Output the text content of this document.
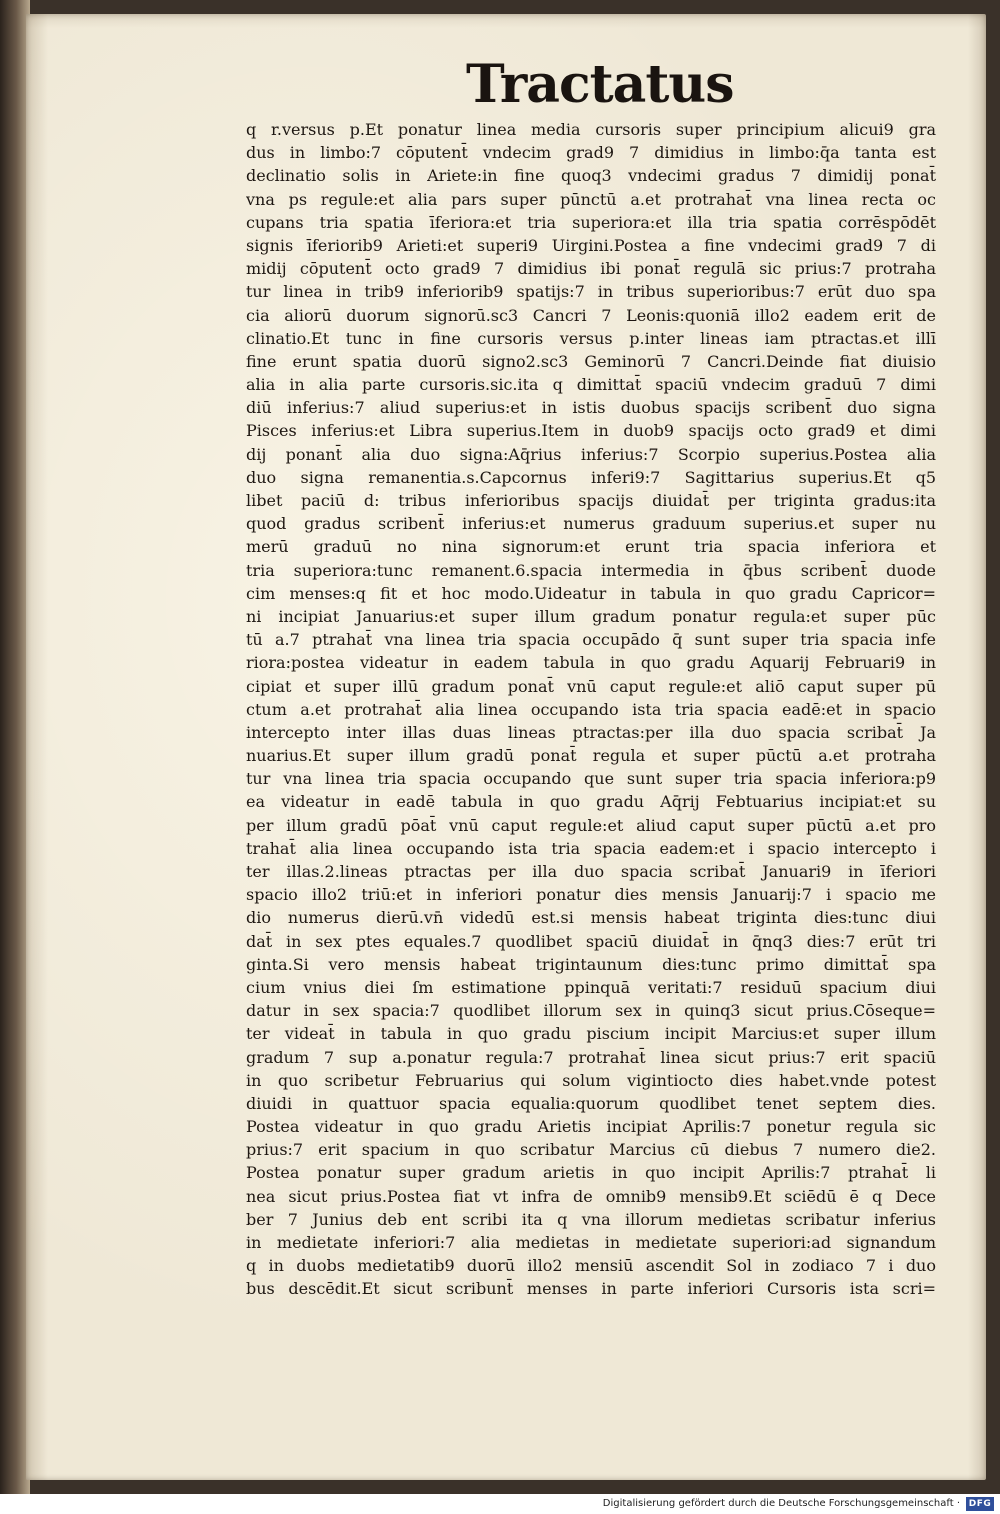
Tractatus
q r.versus p.Et ponatur linea media cursoris super principium alicui9 gra
dus in limbo:7 cōputent̄ vndecim grad9 7 dimidius in limbo:q̄a tanta est
declinatio solis in Ariete:in fine quoq3 vndecimi gradus 7 dimidij ponat̄
vna ps regule:et alia pars super pūnctū a.et protrahat̄ vna linea recta oc
cupans tria spatia īferiora:et tria superiora:et illa tria spatia corrēspōdēt
signis īferiorib9 Arieti:et superi9 Uirgini.Postea a fine vndecimi grad9 7 di
midij cōputent̄ octo grad9 7 dimidius ibi ponat̄ regulā sic prius:7 protraha
tur linea in trib9 inferiorib9 spatijs:7 in tribus superioribus:7 erūt duo spa
cia aliorū duorum signorū.sc3 Cancri 7 Leonis:quoniā illo2 eadem erit de
clinatio.Et tunc in fine cursoris versus p.inter lineas iam ptractas.et illī
fine erunt spatia duorū signo2.sc3 Geminorū 7 Cancri.Deinde fiat diuisio
alia in alia parte cursoris.sic.ita q dimittat̄ spaciū vndecim graduū 7 dimi
diū inferius:7 aliud superius:et in istis duobus spacijs scribent̄ duo signa
Pisces inferius:et Libra superius.Item in duob9 spacijs octo grad9 et dimi
dij ponant̄ alia duo signa:Aq̄rius inferius:7 Scorpio superius.Postea alia
duo signa remanentia.s.Capcornus inferi9:7 Sagittarius superius.Et q5
libet paciū d: tribus inferioribus spacijs diuidat̄ per triginta gradus:ita
quod gradus scribent̄ inferius:et numerus graduum superius.et super nu
merū graduū no nina signorum:et erunt tria spacia inferiora et
tria superiora:tunc remanent.6.spacia intermedia in q̄bus scribent̄ duode
cim menses:q fit et hoc modo.Uideatur in tabula in quo gradu Capricor=
ni incipiat Januarius:et super illum gradum ponatur regula:et super pūc
tū a.7 ptrahat̄ vna linea tria spacia occupādo q̄ sunt super tria spacia infe
riora:postea videatur in eadem tabula in quo gradu Aquarij Februari9 in
cipiat et super illū gradum ponat̄ vnū caput regule:et aliō caput super pū
ctum a.et protrahat̄ alia linea occupando ista tria spacia eadē:et in spacio
intercepto inter illas duas lineas ptractas:per illa duo spacia scribat̄ Ja
nuarius.Et super illum gradū ponat̄ regula et super pūctū a.et protraha
tur vna linea tria spacia occupando que sunt super tria spacia inferiora:p9
ea videatur in eadē tabula in quo gradu Aq̄rij Febtuarius incipiat:et su
per illum gradū pōat̄ vnū caput regule:et aliud caput super pūctū a.et pro
trahat̄ alia linea occupando ista tria spacia eadem:et i spacio intercepto i
ter illas.2.lineas ptractas per illa duo spacia scribat̄ Januari9 in īferiori
spacio illo2 triū:et in inferiori ponatur dies mensis Januarij:7 i spacio me
dio numerus dierū.vn̄ videdū est.si mensis habeat triginta dies:tunc diui
dat̄ in sex ptes equales.7 quodlibet spaciū diuidat̄ in q̄nq3 dies:7 erūt tri
ginta.Si vero mensis habeat trigintaunum dies:tunc primo dimittat̄ spa
cium vnius diei ſm estimatione ppinquā veritati:7 residuū spacium diui
datur in sex spacia:7 quodlibet illorum sex in quinq3 sicut prius.Cōseque=
ter videat̄ in tabula in quo gradu piscium incipit Marcius:et super illum
gradum 7 sup a.ponatur regula:7 protrahat̄ linea sicut prius:7 erit spaciū
in quo scribetur Februarius qui solum vigintiocto dies habet.vnde potest
diuidi in quattuor spacia equalia:quorum quodlibet tenet septem dies.
Postea videatur in quo gradu Arietis incipiat Aprilis:7 ponetur regula sic
prius:7 erit spacium in quo scribatur Marcius cū diebus 7 numero die2.
Postea ponatur super gradum arietis in quo incipit Aprilis:7 ptrahat̄ li
nea sicut prius.Postea fiat vt infra de omnib9 mensib9.Et sciēdū ē q Dece
ber 7 Junius deb ent scribi ita q vna illorum medietas scribatur inferius
in medietate inferiori:7 alia medietas in medietate superiori:ad signandum
q in duobs medietatib9 duorū illo2 mensiū ascendit Sol in zodiaco 7 i duo
bus descēdit.Et sicut scribunt̄ menses in parte inferiori Cursoris ista scri=
Digitalisierung gefördert durch die Deutsche Forschungsgemeinschaft · DFG
